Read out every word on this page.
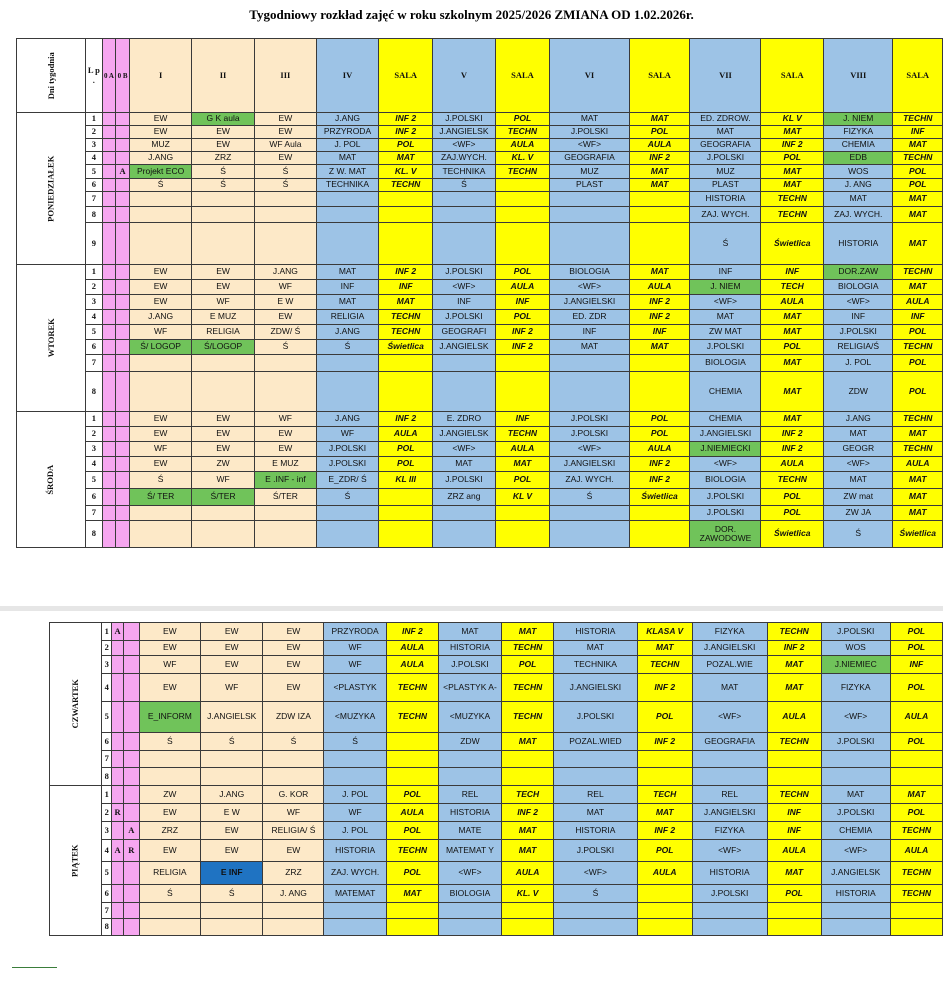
Tygodniowy rozkład zajęć w roku szkolnym 2025/2026 ZMIANA OD 1.02.2026r.
Dni tygodnia	L p .	0 A	0 B	I	II	III	IV	SALA	V	SALA	VI	SALA	VII	SALA	VIII	SALA
PONIEDZIAŁEK	1			EW	G K aula	EW	J.ANG	INF 2	J.POLSKI	POL	MAT	MAT	ED. ZDROW.	KL V	J. NIEM	TECHN
	2			EW	EW	EW	PRZYRODA	INF 2	J.ANGIELSK	TECHN	J.POLSKI	POL	MAT	MAT	FIZYKA	INF
	3			MUZ	EW	WF Aula	J. POL	POL	<WF>	AULA	<WF>	AULA	GEOGRAFIA	INF 2	CHEMIA	MAT
	4			J.ANG	ZRZ	EW	MAT	MAT	ZAJ.WYCH.	KL. V	GEOGRAFIA	INF 2	J.POLSKI	POL	EDB	TECHN
	5		A	Projekt ECO	Ś	Ś	Z W. MAT	KL. V	TECHNIKA	TECHN	MUZ	MAT	MUZ	MAT	WOS	POL
	6			Ś	Ś	Ś	TECHNIKA	TECHN	Ś		PLAST	MAT	PLAST	MAT	J. ANG	POL
	7												HISTORIA	TECHN	MAT	MAT
	8												ZAJ. WYCH.	TECHN	ZAJ. WYCH.	MAT
	9												Ś	Świetlica	HISTORIA	MAT
WTOREK	1			EW	EW	J.ANG	MAT	INF 2	J.POLSKI	POL	BIOLOGIA	MAT	INF	INF	DOR.ZAW	TECHN
	2			EW	EW	WF	INF	INF	<WF>	AULA	<WF>	AULA	J. NIEM	TECH	BIOLOGIA	MAT
	3			EW	WF	E W	MAT	MAT	INF	INF	J.ANGIELSKI	INF 2	<WF>	AULA	<WF>	AULA
	4			J.ANG	E MUZ	EW	RELIGIA	TECHN	J.POLSKI	POL	ED. ZDR	INF 2	MAT	MAT	INF	INF
	5			WF	RELIGIA	ZDW/ Ś	J.ANG	TECHN	GEOGRAFI	INF 2	INF	INF	ZW MAT	MAT	J.POLSKI	POL
	6			Ś/ LOGOP	Ś/LOGOP	Ś	Ś	Świetlica	J.ANGIELSK	INF 2	MAT	MAT	J.POLSKI	POL	RELIGIA/Ś	TECHN
	7												BIOLOGIA	MAT	J. POL	POL
	8												CHEMIA	MAT	ZDW	POL
ŚRODA	1			EW	EW	WF	J.ANG	INF 2	E. ZDRO	INF	J.POLSKI	POL	CHEMIA	MAT	J.ANG	TECHN
	2			EW	EW	EW	WF	AULA	J.ANGIELSK	TECHN	J.POLSKI	POL	J.ANGIELSKI	INF 2	MAT	MAT
	3			WF	EW	EW	J.POLSKI	POL	<WF>	AULA	<WF>	AULA	J.NIEMIECKI	INF 2	GEOGR	TECHN
	4			EW	ZW	E MUZ	J.POLSKI	POL	MAT	MAT	J.ANGIELSKI	INF 2	<WF>	AULA	<WF>	AULA
	5			Ś	WF	E .INF - inf	E_ZDR/ Ś	KL III	J.POLSKI	POL	ZAJ. WYCH.	INF 2	BIOLOGIA	TECHN	MAT	MAT
	6			Ś/ TER	Ś/TER	Ś/TER	Ś		ZRZ ang	KL V	Ś	Świetlica	J.POLSKI	POL	ZW mat	MAT
	7												J.POLSKI	POL	ZW JA	MAT
	8												DOR. ZAWODOWE	Świetlica	Ś	Świetlica
CZWARTEK	1	A		EW	EW	EW	PRZYRODA	INF 2	MAT	MAT	HISTORIA	KLASA V	FIZYKA	TECHN	J.POLSKI	POL
	2			EW	EW	EW	WF	AULA	HISTORIA	TECHN	MAT	MAT	J.ANGIELSKI	INF 2	WOS	POL
	3			WF	EW	EW	WF	AULA	J.POLSKI	POL	TECHNIKA	TECHN	POZAL.WIE	MAT	J.NIEMIEC	INF
	4			EW	WF	EW	<PLASTYK	TECHN	<PLASTYK A-	TECHN	J.ANGIELSKI	INF 2	MAT	MAT	FIZYKA	POL
	5			E_INFORM	J.ANGIELSK	ZDW IZA	<MUZYKA	TECHN	<MUZYKA	TECHN	J.POLSKI	POL	<WF>	AULA	<WF>	AULA
	6			Ś	Ś	Ś	Ś		ZDW	MAT	POZAL.WIED	INF 2	GEOGRAFIA	TECHN	J.POLSKI	POL
	7															
	8															
PIĄTEK	1			ZW	J.ANG	G. KOR	J. POL	POL	REL	TECH	REL	TECH	REL	TECHN	MAT	MAT
	2	R		EW	E W	WF	WF	AULA	HISTORIA	INF 2	MAT	MAT	J.ANGIELSKI	INF	J.POLSKI	POL
	3		A	ZRZ	EW	RELIGIA/ Ś	J. POL	POL	MATE	MAT	HISTORIA	INF 2	FIZYKA	INF	CHEMIA	TECHN
	4	A	R	EW	EW	EW	HISTORIA	TECHN	MATEMAT Y	MAT	J.POLSKI	POL	<WF>	AULA	<WF>	AULA
	5			RELIGIA	E INF	ZRZ	ZAJ. WYCH.	POL	<WF>	AULA	<WF>	AULA	HISTORIA	MAT	J.ANGIELSK	TECHN
	6			Ś	Ś	J. ANG	MATEMAT	MAT	BIOLOGIA	KL. V	Ś		J.POLSKI	POL	HISTORIA	TECHN
	7															
	8															
